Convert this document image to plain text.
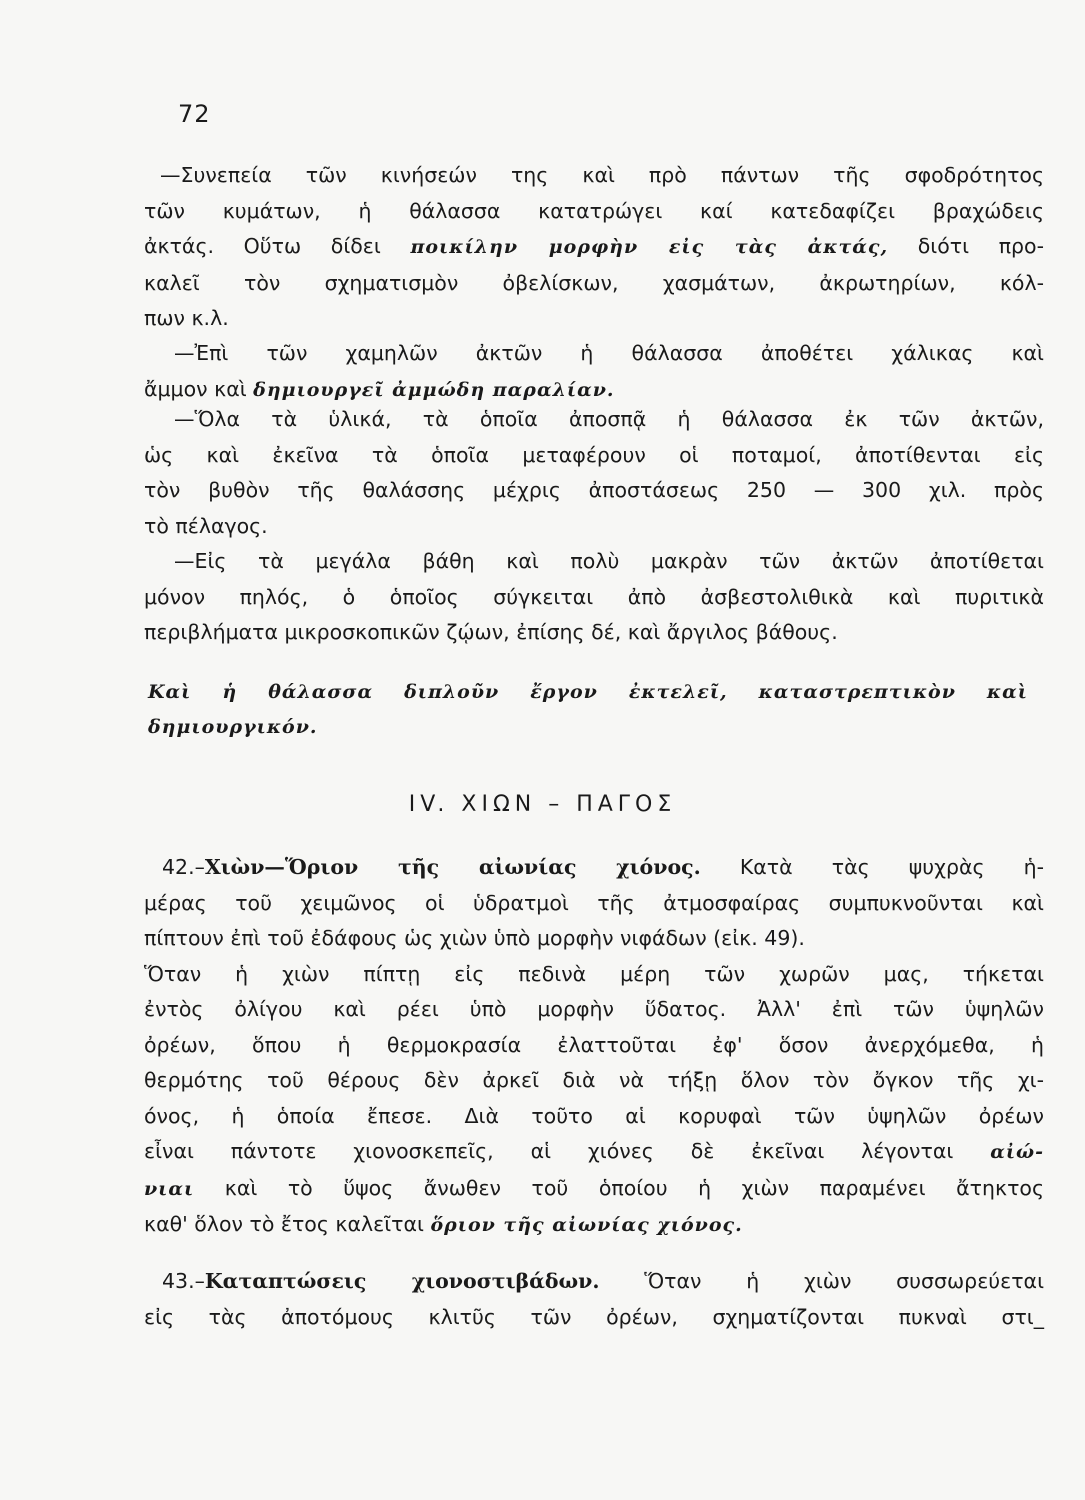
72
—Συνεπεία τῶν κινήσεών της καὶ πρὸ πάντων τῆς σφοδρότητος
τῶν κυμάτων, ἡ θάλασσα κατατρώγει καί κατεδαφίζει βραχώδεις
ἀκτάς. Οὕτω δίδει ποικίλην μορφὴν εἰς τὰς ἀκτάς, διότι προ-
καλεῖ τὸν σχηματισμὸν ὀβελίσκων, χασμάτων, ἀκρωτηρίων, κόλ-
πων κ.λ.
—Ἐπὶ τῶν χαμηλῶν ἀκτῶν ἡ θάλασσα ἀποθέτει χάλικας καὶ
ἄμμον καὶ δημιουργεῖ ἀμμώδη παραλίαν.
—Ὅλα τὰ ὑλικά, τὰ ὁποῖα ἀποσπᾷ ἡ θάλασσα ἐκ τῶν ἀκτῶν,
ὡς καὶ ἐκεῖνα τὰ ὁποῖα μεταφέρουν οἱ ποταμοί, ἀποτίθενται εἰς
τὸν βυθὸν τῆς θαλάσσης μέχρις ἀποστάσεως 250 — 300 χιλ. πρὸς
τὸ πέλαγος.
—Εἰς τὰ μεγάλα βάθη καὶ πολὺ μακρὰν τῶν ἀκτῶν ἀποτίθεται
μόνον πηλός, ὁ ὁποῖος σύγκειται ἀπὸ ἀσβεστολιθικὰ καὶ πυριτικὰ
περιβλήματα μικροσκοπικῶν ζῴων, ἐπίσης δέ, καὶ ἄργιλος βάθους.
Καὶ ἡ θάλασσα διπλοῦν ἔργον ἐκτελεῖ, καταστρεπτικὸν καὶ
δημιουργικόν.
IV. ΧΙΩΝ – ΠΑΓΟΣ
42.–Χιὼν—Ὅριον τῆς αἰωνίας χιόνος. Κατὰ τὰς ψυχρὰς ἡ-
μέρας τοῦ χειμῶνος οἱ ὑδρατμοὶ τῆς ἀτμοσφαίρας συμπυκνοῦνται καὶ
πίπτουν ἐπὶ τοῦ ἐδάφους ὡς χιὼν ὑπὸ μορφὴν νιφάδων (εἰκ. 49).
Ὅταν ἡ χιὼν πίπτῃ εἰς πεδινὰ μέρη τῶν χωρῶν μας, τήκεται
ἐντὸς ὀλίγου καὶ ρέει ὑπὸ μορφὴν ὕδατος. Ἀλλ' ἐπὶ τῶν ὑψηλῶν
ὀρέων, ὅπου ἡ θερμοκρασία ἐλαττοῦται ἐφ' ὅσον ἀνερχόμεθα, ἡ
θερμότης τοῦ θέρους δὲν ἀρκεῖ διὰ νὰ τήξῃ ὅλον τὸν ὄγκον τῆς χι-
όνος, ἡ ὁποία ἔπεσε. Διὰ τοῦτο αἱ κορυφαὶ τῶν ὑψηλῶν ὀρέων
εἶναι πάντοτε χιονοσκεπεῖς, αἱ χιόνες δὲ ἐκεῖναι λέγονται αἰώ-
νιαι καὶ τὸ ὕψος ἄνωθεν τοῦ ὁποίου ἡ χιὼν παραμένει ἄτηκτος
καθ' ὅλον τὸ ἔτος καλεῖται ὅριον τῆς αἰωνίας χιόνος.
43.–Καταπτώσεις χιονοστιβάδων. Ὅταν ἡ χιὼν συσσωρεύεται
εἰς τὰς ἀποτόμους κλιτῦς τῶν ὀρέων, σχηματίζονται πυκναὶ στι_
